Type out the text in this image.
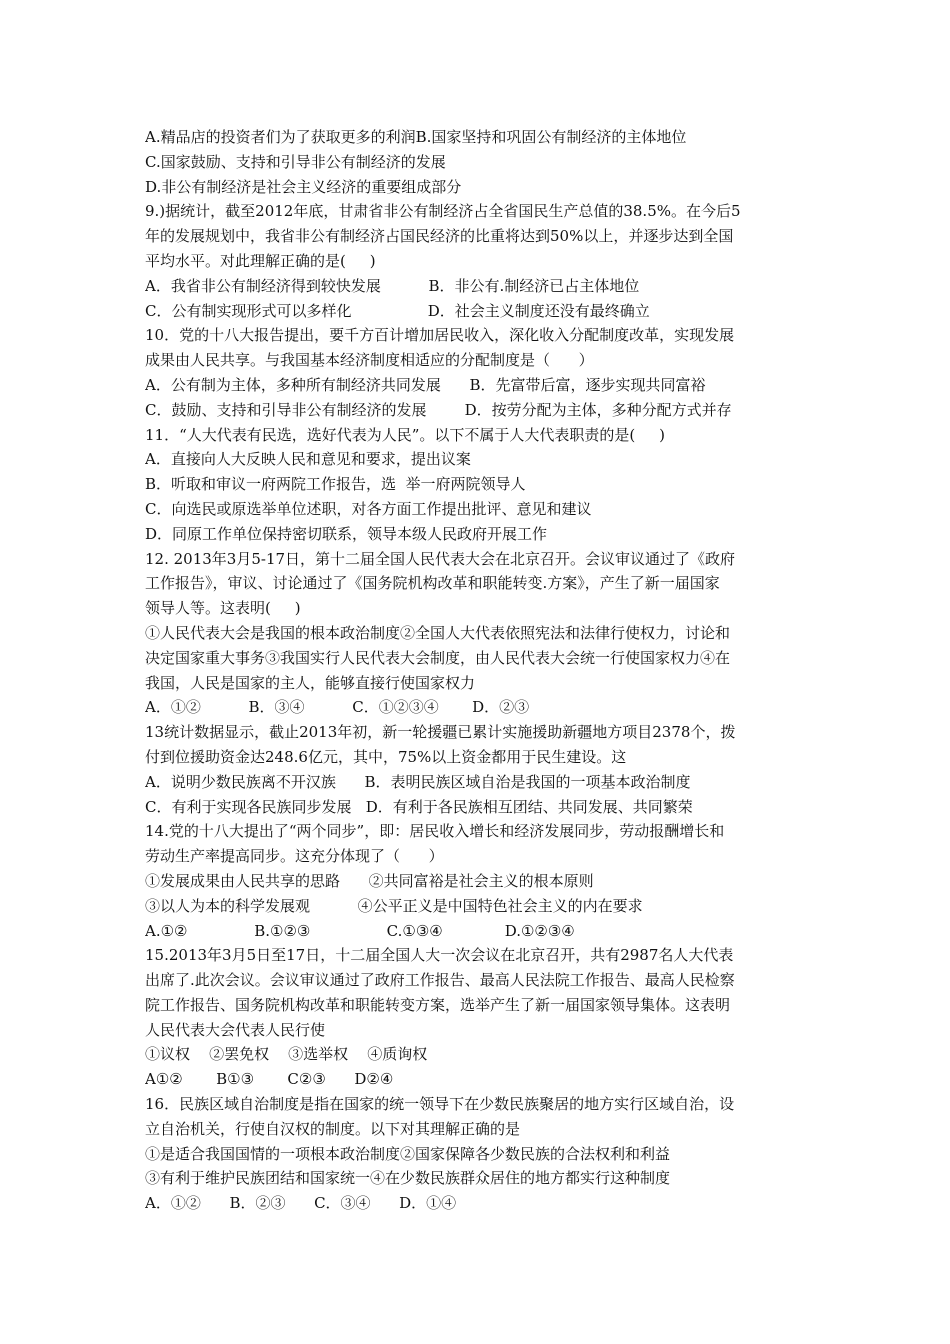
A.精品店的投资者们为了获取更多的利润B.国家坚持和巩固公有制经济的主体地位
C.国家鼓励、支持和引导非公有制经济的发展
D.非公有制经济是社会主义经济的重要组成部分
9.)据统计，截至2012年底，甘肃省非公有制经济占全省国民生产总值的38.5%。在今后5
年的发展规划中，我省非公有制经济占国民经济的比重将达到50%以上，并逐步达到全国
平均水平。对此理解正确的是(     )
A．我省非公有制经济得到较快发展          B．非公有.制经济已占主体地位
C．公有制实现形式可以多样化                D．社会主义制度还没有最终确立
10．党的十八大报告提出，要千方百计增加居民收入，深化收入分配制度改革，实现发展
成果由人民共享。与我国基本经济制度相适应的分配制度是（      ）
A．公有制为主体，多种所有制经济共同发展      B．先富带后富，逐步实现共同富裕
C．鼓励、支持和引导非公有制经济的发展        D．按劳分配为主体，多种分配方式并存
11．“人大代表有民选，选好代表为人民”。以下不属于人大代表职责的是(     )
A．直接向人大反映人民和意见和要求，提出议案
B．听取和审议一府两院工作报告，选  举一府两院领导人
C．向选民或原选举单位述职，对各方面工作提出批评、意见和建议
D．同原工作单位保持密切联系，领导本级人民政府开展工作
12. 2013年3月5-17日，第十二届全国人民代表大会在北京召开。会议审议通过了《政府
工作报告》，审议、讨论通过了《国务院机构改革和职能转变.方案》，产生了新一届国家
领导人等。这表明(     )
①人民代表大会是我国的根本政治制度②全国人大代表依照宪法和法律行使权力，讨论和
决定国家重大事务③我国实行人民代表大会制度，由人民代表大会统一行使国家权力④在
我国，人民是国家的主人，能够直接行使国家权力
A．①②          B．③④          C．①②③④       D．②③
13统计数据显示，截止2013年初，新一轮援疆已累计实施援助新疆地方项目2378个，拨
付到位援助资金达248.6亿元，其中，75%以上资金都用于民生建设。这
A．说明少数民族离不开汉族      B．表明民族区域自治是我国的一项基本政治制度
C．有利于实现各民族同步发展   D．有利于各民族相互团结、共同发展、共同繁荣
14.党的十八大提出了“两个同步”，即：居民收入增长和经济发展同步，劳动报酬增长和
劳动生产率提高同步。这充分体现了（      ）
①发展成果由人民共享的思路      ②共同富裕是社会主义的根本原则
③以人为本的科学发展观          ④公平正义是中国特色社会主义的内在要求
A.①②              B.①②③                C.①③④             D.①②③④
15.2013年3月5日至17日，十二届全国人大一次会议在北京召开，共有2987名人大代表
出席了.此次会议。会议审议通过了政府工作报告、最高人民法院工作报告、最高人民检察
院工作报告、国务院机构改革和职能转变方案，选举产生了新一届国家领导集体。这表明
人民代表大会代表人民行使
①议权    ②罢免权    ③选举权    ④质询权
A①②       B①③       C②③      D②④
16．民族区域自治制度是指在国家的统一领导下在少数民族聚居的地方实行区域自治，设
立自治机关，行使自汉权的制度。以下对其理解正确的是
①是适合我国国情的一项根本政治制度②国家保障各少数民族的合法权利和利益
③有利于维护民族团结和国家统一④在少数民族群众居住的地方都实行这种制度
A．①②      B．②③      C．③④      D．①④
